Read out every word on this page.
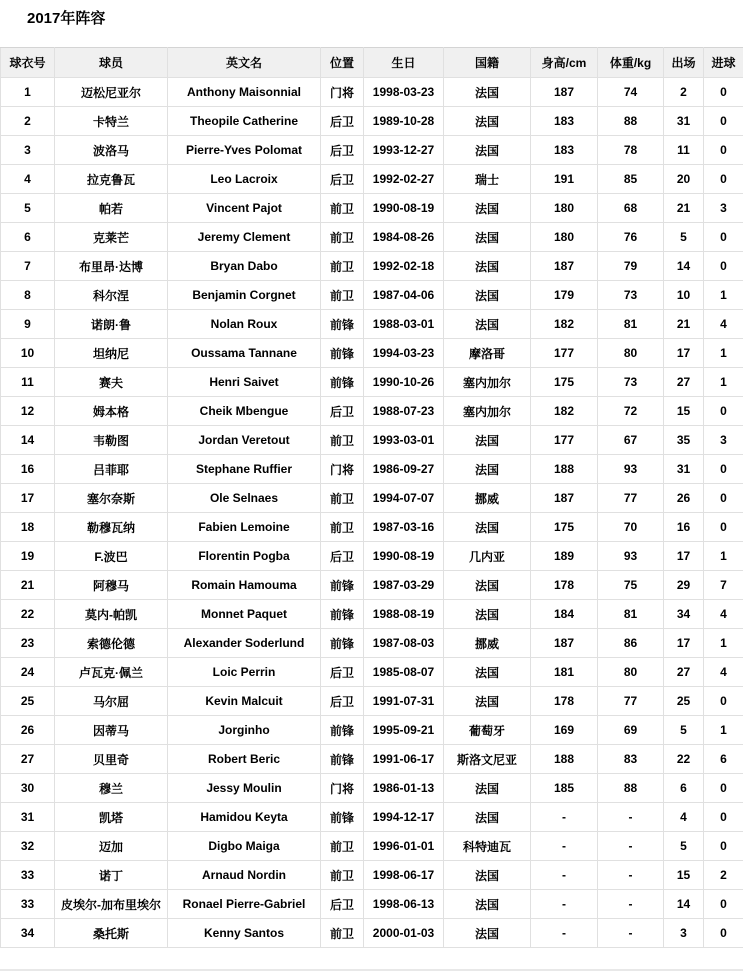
2017年阵容
球衣号	球员	英文名	位置	生日	国籍	身高/cm	体重/kg	出场	进球
1	迈松尼亚尔	Anthony Maisonnial	门将	1998-03-23	法国	187	74	2	0
2	卡特兰	Theopile Catherine	后卫	1989-10-28	法国	183	88	31	0
3	波洛马	Pierre-Yves Polomat	后卫	1993-12-27	法国	183	78	11	0
4	拉克鲁瓦	Leo Lacroix	后卫	1992-02-27	瑞士	191	85	20	0
5	帕若	Vincent Pajot	前卫	1990-08-19	法国	180	68	21	3
6	克莱芒	Jeremy Clement	前卫	1984-08-26	法国	180	76	5	0
7	布里昂·达博	Bryan Dabo	前卫	1992-02-18	法国	187	79	14	0
8	科尔涅	Benjamin Corgnet	前卫	1987-04-06	法国	179	73	10	1
9	诺朗·鲁	Nolan Roux	前锋	1988-03-01	法国	182	81	21	4
10	坦纳尼	Oussama Tannane	前锋	1994-03-23	摩洛哥	177	80	17	1
11	赛夫	Henri Saivet	前锋	1990-10-26	塞内加尔	175	73	27	1
12	姆本格	Cheik Mbengue	后卫	1988-07-23	塞内加尔	182	72	15	0
14	韦勒图	Jordan Veretout	前卫	1993-03-01	法国	177	67	35	3
16	吕菲耶	Stephane Ruffier	门将	1986-09-27	法国	188	93	31	0
17	塞尔奈斯	Ole Selnaes	前卫	1994-07-07	挪威	187	77	26	0
18	勒穆瓦纳	Fabien Lemoine	前卫	1987-03-16	法国	175	70	16	0
19	F.波巴	Florentin Pogba	后卫	1990-08-19	几内亚	189	93	17	1
21	阿穆马	Romain Hamouma	前锋	1987-03-29	法国	178	75	29	7
22	莫内-帕凯	Monnet Paquet	前锋	1988-08-19	法国	184	81	34	4
23	索德伦德	Alexander Soderlund	前锋	1987-08-03	挪威	187	86	17	1
24	卢瓦克·佩兰	Loic Perrin	后卫	1985-08-07	法国	181	80	27	4
25	马尔屈	Kevin Malcuit	后卫	1991-07-31	法国	178	77	25	0
26	因蒂马	Jorginho	前锋	1995-09-21	葡萄牙	169	69	5	1
27	贝里奇	Robert Beric	前锋	1991-06-17	斯洛文尼亚	188	83	22	6
30	穆兰	Jessy Moulin	门将	1986-01-13	法国	185	88	6	0
31	凯塔	Hamidou Keyta	前锋	1994-12-17	法国	-	-	4	0
32	迈加	Digbo Maiga	前卫	1996-01-01	科特迪瓦	-	-	5	0
33	诺丁	Arnaud Nordin	前卫	1998-06-17	法国	-	-	15	2
33	皮埃尔-加布里埃尔	Ronael Pierre-Gabriel	后卫	1998-06-13	法国	-	-	14	0
34	桑托斯	Kenny Santos	前卫	2000-01-03	法国	-	-	3	0
